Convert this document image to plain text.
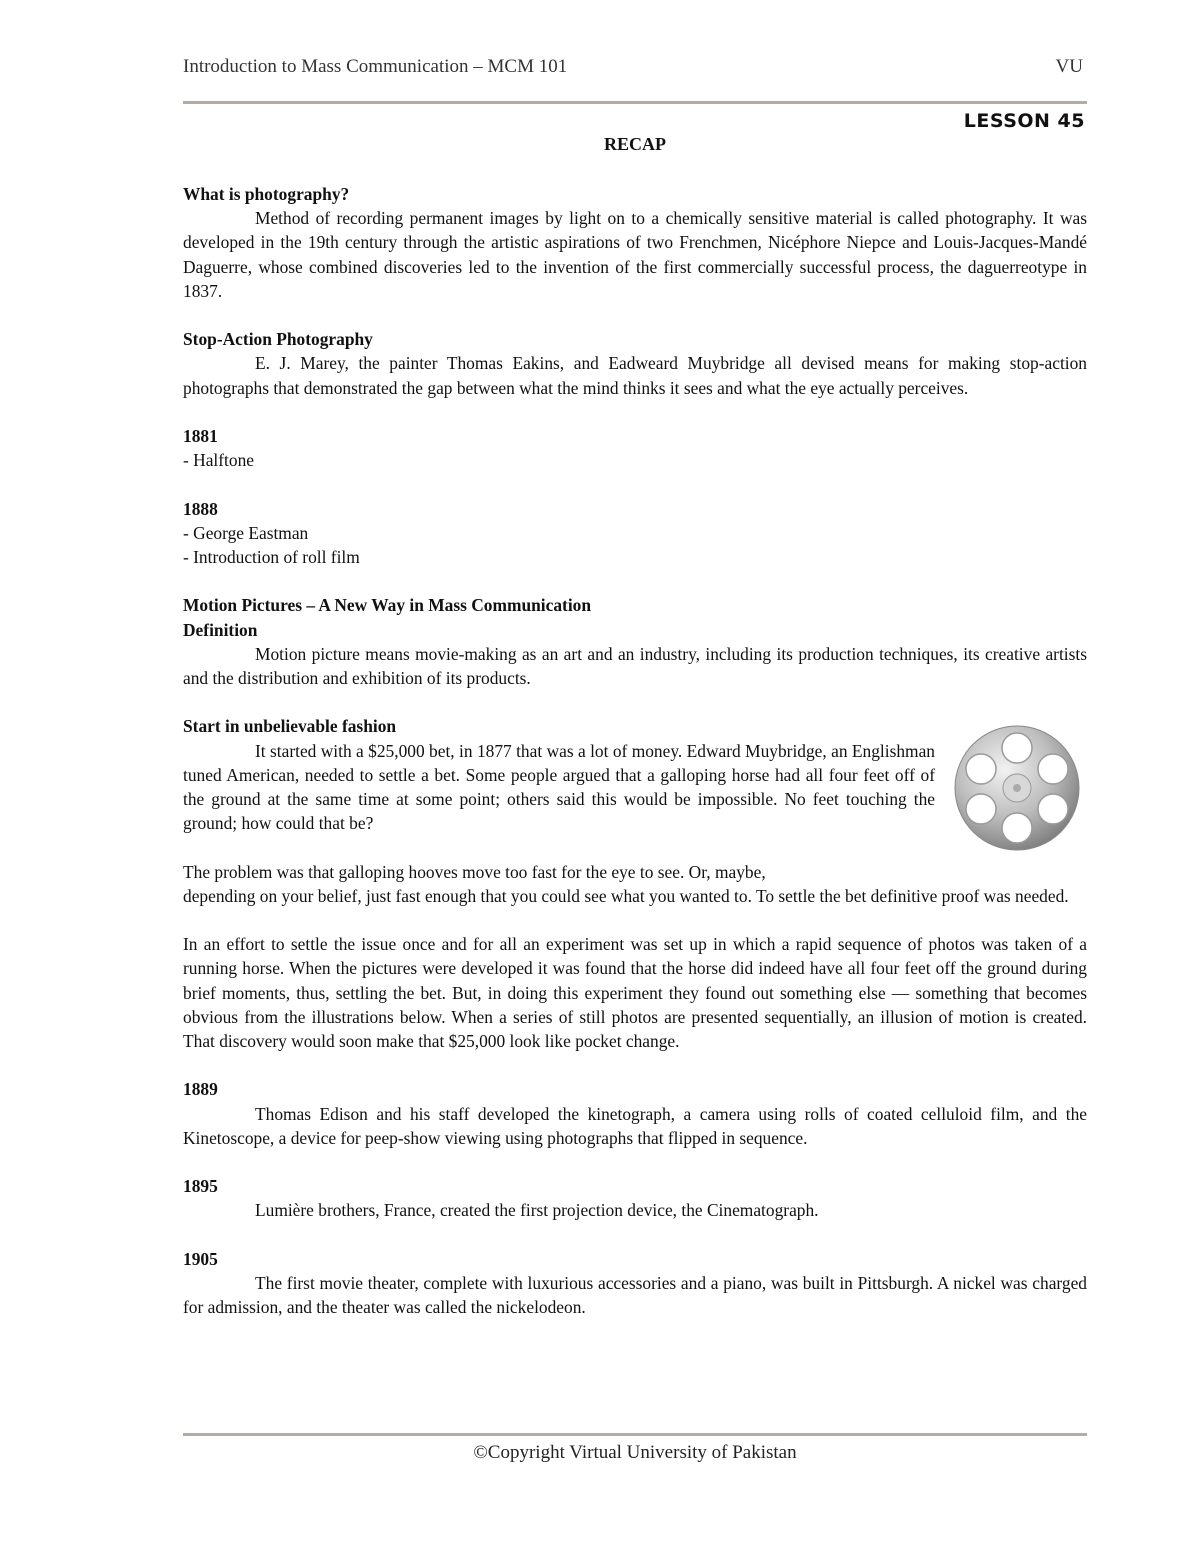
Introduction to Mass Communication – MCM 101	VU
LESSON 45
RECAP

What is photography?

Method of recording permanent images by light on to a chemically sensitive material is called photography. It was developed in the 19th century through the artistic aspirations of two Frenchmen, Nicéphore Niepce and Louis-Jacques-Mandé Daguerre, whose combined discoveries led to the invention of the first commercially successful process, the daguerreotype in 1837.

Stop-Action Photography

E. J. Marey, the painter Thomas Eakins, and Eadweard Muybridge all devised means for making stop-action photographs that demonstrated the gap between what the mind thinks it sees and what the eye actually perceives.

1881

- Halftone

1888

- George Eastman

- Introduction of roll film

Motion Pictures – A New Way in Mass Communication

Definition

Motion picture means movie-making as an art and an industry, including its production techniques, its creative artists and the distribution and exhibition of its products.

Start in unbelievable fashion

It started with a $25,000 bet, in 1877 that was a lot of money. Edward Muybridge, an Englishman tuned American, needed to settle a bet. Some people argued that a galloping horse had all four feet off of the ground at the same time at some point; others said this would be impossible. No feet touching the ground; how could that be?

The problem was that galloping hooves move too fast for the eye to see. Or, maybe,

depending on your belief, just fast enough that you could see what you wanted to. To settle the bet definitive proof was needed.

In an effort to settle the issue once and for all an experiment was set up in which a rapid sequence of photos was taken of a running horse. When the pictures were developed it was found that the horse did indeed have all four feet off the ground during brief moments, thus, settling the bet. But, in doing this experiment they found out something else — something that becomes obvious from the illustrations below. When a series of still photos are presented sequentially, an illusion of motion is created. That discovery would soon make that $25,000 look like pocket change.

1889

Thomas Edison and his staff developed the kinetograph, a camera using rolls of coated celluloid film, and the Kinetoscope, a device for peep-show viewing using photographs that flipped in sequence.

1895

Lumière brothers, France, created the first projection device, the Cinematograph.

1905

The first movie theater, complete with luxurious accessories and a piano, was built in Pittsburgh. A nickel was charged for admission, and the theater was called the nickelodeon.

©Copyright Virtual University of Pakistan
